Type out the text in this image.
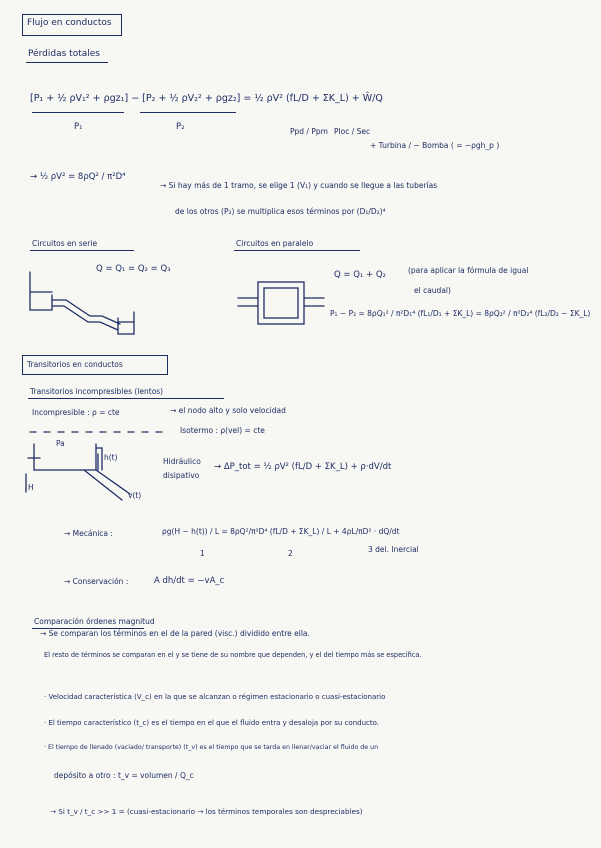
Flujo en conductos
Pérdidas totales
[P₁ + ½ ρV₁² + ρgz₁] − [P₂ + ½ ρV₂² + ρgz₂] = ½ ρV² (fL/D + ΣK_L) + Ŵ/Q
P₁	P₂	Ppd / Ppm Ploc / Sec
+ Turbina / − Bomba ( = −ρgh_p )
→ ½ ρV² = 8ρQ² / π²D⁴
→ Si hay más de 1 tramo, se elige 1 (V₁) y cuando se llegue a las tuberías
de los otros (P₂) se multiplica esos términos por (D₁/D₂)⁴
Circuitos en serie
Q = Q₁ = Q₂ = Q₃
Circuitos en paralelo
Q = Q₁ + Q₂	(para aplicar la fórmula de igual
el caudal)
P₁ − P₂ = 8ρQ₁² / π²D₁⁴ (fL₁/D₁ + ΣK_L) = 8ρQ₂² / π²D₂⁴ (fL₂/D₂ − ΣK_L)
Transitorios en conductos
Transitorios incompresibles (lentos)
Incompresible : ρ = cte	→ el nodo alto y solo velocidad
Isotermo : ρ(vel) = cte
Pa
h(t)
H
v(t)
Hidráulico
disipativo
→ ΔP_tot = ½ ρV² (fL/D + ΣK_L) + ρ·dV/dt
→ Mecánica :	ρg(H − h(t)) / L = 8ρQ²/π²D⁴ (fL/D + ΣK_L) / L + 4ρL/πD² · dQ/dt
1	2	3 del. Inercial
→ Conservación :	A dh/dt = −vA_c
Comparación órdenes magnitud
→ Se comparan los términos en el de la pared (visc.) dividido entre ella.
El resto de términos se comparan en el y se tiene de su nombre que dependen, y el del tiempo más se especifica.
· Velocidad característica (V_c) en la que se alcanzan o régimen estacionario o cuasi-estacionario
· El tiempo característico (t_c) es el tiempo en el que el fluido entra y desaloja por su conducto.
· El tiempo de llenado (vaciado/ transporte) (t_v) es el tiempo que se tarda en llenar/vaciar el fluido de un
depósito a otro : t_v = volumen / Q_c
→ Si t_v / t_c >> 1 = (cuasi-estacionario → los términos temporales son despreciables)
